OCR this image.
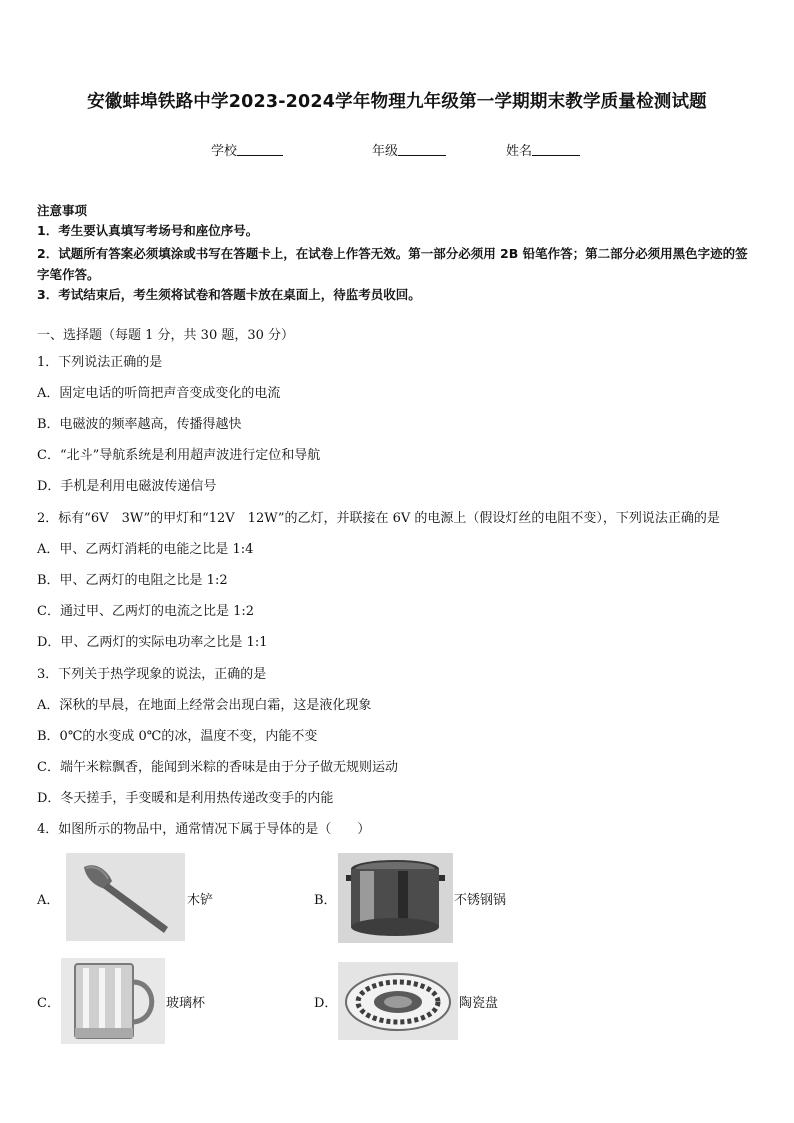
安徽蚌埠铁路中学2023-2024学年物理九年级第一学期期末教学质量检测试题
学校	年级	姓名
注意事项
1．考生要认真填写考场号和座位序号。
2．试题所有答案必须填涂或书写在答题卡上，在试卷上作答无效。第一部分必须用 2B 铅笔作答；第二部分必须用黑色字迹的签字笔作答。
3．考试结束后，考生须将试卷和答题卡放在桌面上，待监考员收回。
一、选择题（每题 1 分，共 30 题，30 分）
1．下列说法正确的是
A．固定电话的听筒把声音变成变化的电流
B．电磁波的频率越高，传播得越快
C．“北斗”导航系统是利用超声波进行定位和导航
D．手机是利用电磁波传递信号
2．标有“6V　3W”的甲灯和“12V　12W”的乙灯，并联接在 6V 的电源上（假设灯丝的电阻不变），下列说法正确的是
A．甲、乙两灯消耗的电能之比是 1:4
B．甲、乙两灯的电阻之比是 1:2
C．通过甲、乙两灯的电流之比是 1:2
D．甲、乙两灯的实际电功率之比是 1:1
3．下列关于热学现象的说法，正确的是
A．深秋的早晨，在地面上经常会出现白霜，这是液化现象
B．0℃的水变成 0℃的冰，温度不变，内能不变
C．端午米粽飘香，能闻到米粽的香味是由于分子做无规则运动
D．冬天搓手，手变暖和是利用热传递改变手的内能
4．如图所示的物品中，通常情况下属于导体的是（　　）
A．	木铲	B．	不锈钢锅
C．	玻璃杯	D．	陶瓷盘
